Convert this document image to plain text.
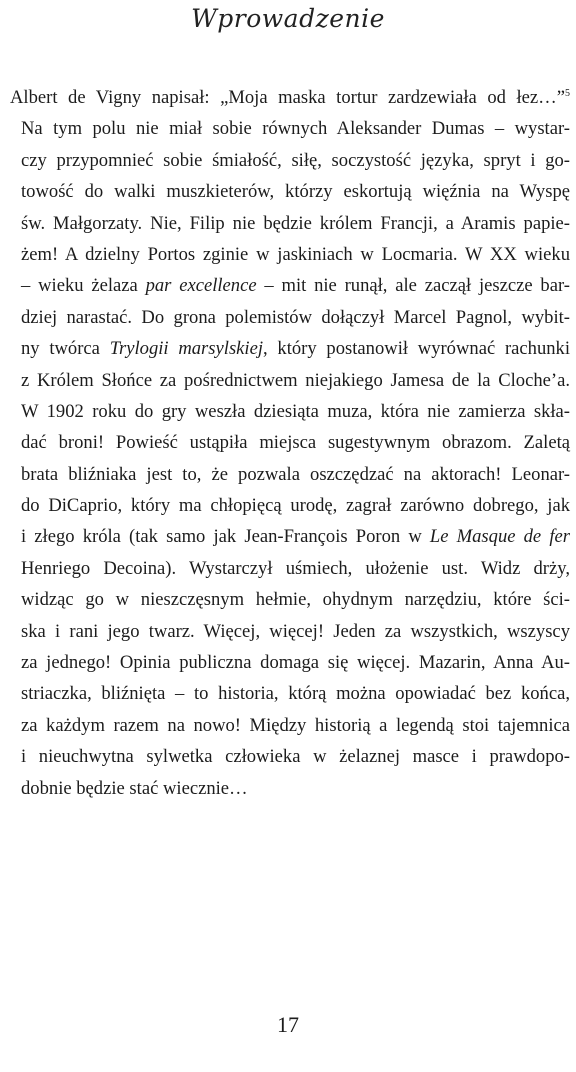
Wprowadzenie
Albert de Vigny napisał: „Moja maska tortur zardzewiała od łez…”$^5$
Na tym polu nie miał sobie równych Aleksander Dumas – wystar-
czy przypomnieć sobie śmiałość, siłę, soczystość języka, spryt i go-
towość do walki muszkieterów, którzy eskortują więźnia na Wyspę
św. Małgorzaty. Nie, Filip nie będzie królem Francji, a Aramis papie-
żem! A dzielny Portos zginie w jaskiniach w Locmaria. W XX wieku
– wieku żelaza par excellence – mit nie runął, ale zaczął jeszcze bar-
dziej narastać. Do grona polemistów dołączył Marcel Pagnol, wybit-
ny twórca Trylogii marsylskiej, który postanowił wyrównać rachunki
z Królem Słońce za pośrednictwem niejakiego Jamesa de la Cloche’a.
W 1902 roku do gry weszła dziesiąta muza, która nie zamierza skła-
dać broni! Powieść ustąpiła miejsca sugestywnym obrazom. Zaletą
brata bliźniaka jest to, że pozwala oszczędzać na aktorach! Leonar-
do DiCaprio, który ma chłopięcą urodę, zagrał zarówno dobrego, jak
i złego króla (tak samo jak Jean-François Poron w Le Masque de fer
Henriego Decoina). Wystarczył uśmiech, ułożenie ust. Widz drży,
widząc go w nieszczęsnym hełmie, ohydnym narzędziu, które ści-
ska i rani jego twarz. Więcej, więcej! Jeden za wszystkich, wszyscy
za jednego! Opinia publiczna domaga się więcej. Mazarin, Anna Au-
striaczka, bliźnięta – to historia, którą można opowiadać bez końca,
za każdym razem na nowo! Między historią a legendą stoi tajemnica
i nieuchwytna sylwetka człowieka w żelaznej masce i prawdopo-
dobnie będzie stać wiecznie…
17
